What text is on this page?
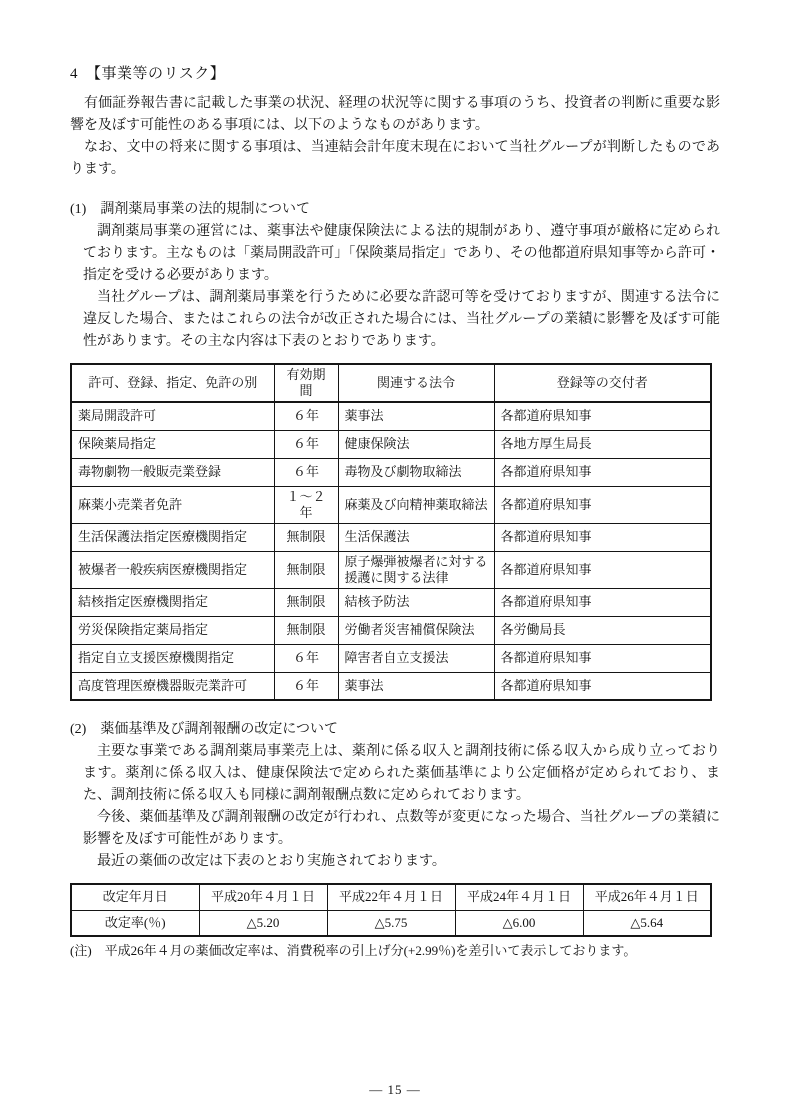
4　【事業等のリスク】

有価証券報告書に記載した事業の状況、経理の状況等に関する事項のうち、投資者の判断に重要な影響を及ぼす可能性のある事項には、以下のようなものがあります。

なお、文中の将来に関する事項は、当連結会計年度末現在において当社グループが判断したものであります。

(1)　調剤薬局事業の法的規制について

調剤薬局事業の運営には、薬事法や健康保険法による法的規制があり、遵守事項が厳格に定められております。主なものは「薬局開設許可」「保険薬局指定」であり、その他都道府県知事等から許可・指定を受ける必要があります。

当社グループは、調剤薬局事業を行うために必要な許認可等を受けておりますが、関連する法令に違反した場合、またはこれらの法令が改正された場合には、当社グループの業績に影響を及ぼす可能性があります。その主な内容は下表のとおりであります。

許可、登録、指定、免許の別	有効期間	関連する法令	登録等の交付者
薬局開設許可	６年	薬事法	各都道府県知事
保険薬局指定	６年	健康保険法	各地方厚生局長
毒物劇物一般販売業登録	６年	毒物及び劇物取締法	各都道府県知事
麻薬小売業者免許	１～２年	麻薬及び向精神薬取締法	各都道府県知事
生活保護法指定医療機関指定	無制限	生活保護法	各都道府県知事
被爆者一般疾病医療機関指定	無制限	原子爆弾被爆者に対する援護に関する法律	各都道府県知事
結核指定医療機関指定	無制限	結核予防法	各都道府県知事
労災保険指定薬局指定	無制限	労働者災害補償保険法	各労働局長
指定自立支援医療機関指定	６年	障害者自立支援法	各都道府県知事
高度管理医療機器販売業許可	６年	薬事法	各都道府県知事
(2)　薬価基準及び調剤報酬の改定について

主要な事業である調剤薬局事業売上は、薬剤に係る収入と調剤技術に係る収入から成り立っております。薬剤に係る収入は、健康保険法で定められた薬価基準により公定価格が定められており、また、調剤技術に係る収入も同様に調剤報酬点数に定められております。

今後、薬価基準及び調剤報酬の改定が行われ、点数等が変更になった場合、当社グループの業績に影響を及ぼす可能性があります。

最近の薬価の改定は下表のとおり実施されております。

改定年月日	平成20年４月１日	平成22年４月１日	平成24年４月１日	平成26年４月１日
改定率(％)	△5.20	△5.75	△6.00	△5.64

(注)　平成26年４月の薬価改定率は、消費税率の引上げ分(+2.99％)を差引いて表示しております。

― 15 ―
